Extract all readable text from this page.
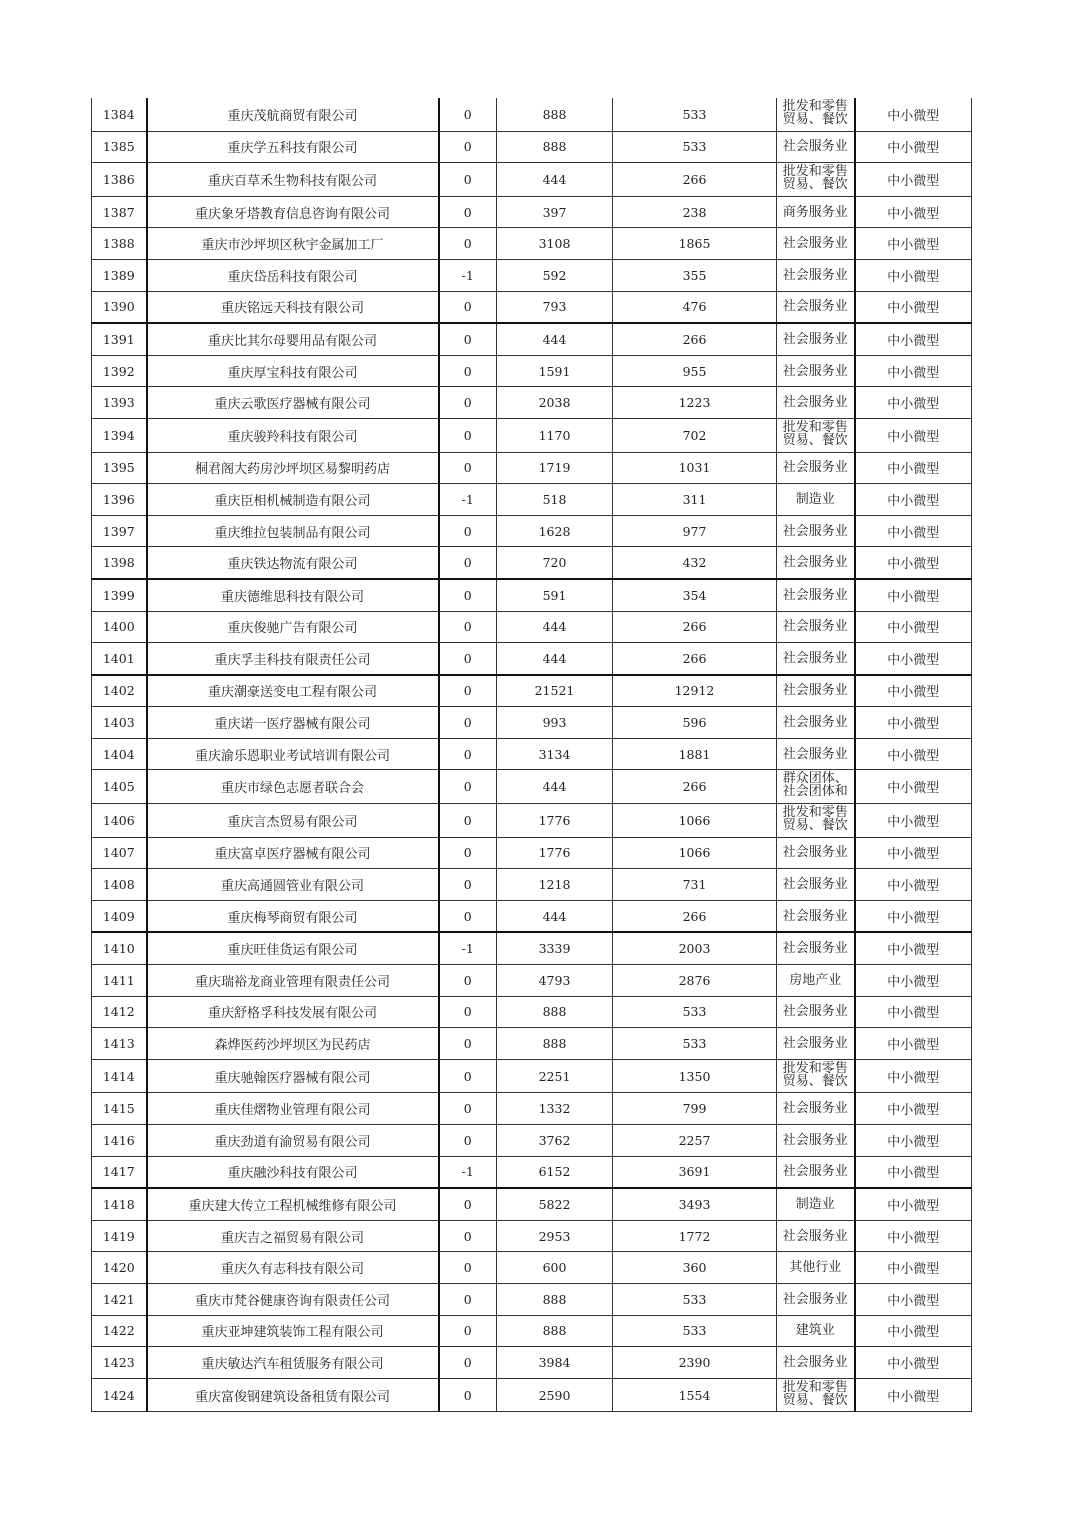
1384	重庆茂航商贸有限公司	0	888	533	批发和零售贸易、餐饮	中小微型
1385	重庆学五科技有限公司	0	888	533	社会服务业	中小微型
1386	重庆百草禾生物科技有限公司	0	444	266	批发和零售贸易、餐饮	中小微型
1387	重庆象牙塔教育信息咨询有限公司	0	397	238	商务服务业	中小微型
1388	重庆市沙坪坝区秋宇金属加工厂	0	3108	1865	社会服务业	中小微型
1389	重庆岱岳科技有限公司	-1	592	355	社会服务业	中小微型
1390	重庆铭远天科技有限公司	0	793	476	社会服务业	中小微型
1391	重庆比其尔母婴用品有限公司	0	444	266	社会服务业	中小微型
1392	重庆厚宝科技有限公司	0	1591	955	社会服务业	中小微型
1393	重庆云歌医疗器械有限公司	0	2038	1223	社会服务业	中小微型
1394	重庆骏羚科技有限公司	0	1170	702	批发和零售贸易、餐饮	中小微型
1395	桐君阁大药房沙坪坝区易黎明药店	0	1719	1031	社会服务业	中小微型
1396	重庆臣相机械制造有限公司	-1	518	311	制造业	中小微型
1397	重庆维拉包装制品有限公司	0	1628	977	社会服务业	中小微型
1398	重庆铁达物流有限公司	0	720	432	社会服务业	中小微型
1399	重庆德维思科技有限公司	0	591	354	社会服务业	中小微型
1400	重庆俊驰广告有限公司	0	444	266	社会服务业	中小微型
1401	重庆孚圭科技有限责任公司	0	444	266	社会服务业	中小微型
1402	重庆潮豪送变电工程有限公司	0	21521	12912	社会服务业	中小微型
1403	重庆诺一医疗器械有限公司	0	993	596	社会服务业	中小微型
1404	重庆渝乐恩职业考试培训有限公司	0	3134	1881	社会服务业	中小微型
1405	重庆市绿色志愿者联合会	0	444	266	群众团体、社会团体和	中小微型
1406	重庆言杰贸易有限公司	0	1776	1066	批发和零售贸易、餐饮	中小微型
1407	重庆富卓医疗器械有限公司	0	1776	1066	社会服务业	中小微型
1408	重庆高通圆管业有限公司	0	1218	731	社会服务业	中小微型
1409	重庆梅琴商贸有限公司	0	444	266	社会服务业	中小微型
1410	重庆旺佳货运有限公司	-1	3339	2003	社会服务业	中小微型
1411	重庆瑞裕龙商业管理有限责任公司	0	4793	2876	房地产业	中小微型
1412	重庆舒格孚科技发展有限公司	0	888	533	社会服务业	中小微型
1413	森烨医药沙坪坝区为民药店	0	888	533	社会服务业	中小微型
1414	重庆驰翰医疗器械有限公司	0	2251	1350	批发和零售贸易、餐饮	中小微型
1415	重庆佳熠物业管理有限公司	0	1332	799	社会服务业	中小微型
1416	重庆劲道有渝贸易有限公司	0	3762	2257	社会服务业	中小微型
1417	重庆融沙科技有限公司	-1	6152	3691	社会服务业	中小微型
1418	重庆建大传立工程机械维修有限公司	0	5822	3493	制造业	中小微型
1419	重庆吉之福贸易有限公司	0	2953	1772	社会服务业	中小微型
1420	重庆久有志科技有限公司	0	600	360	其他行业	中小微型
1421	重庆市梵谷健康咨询有限责任公司	0	888	533	社会服务业	中小微型
1422	重庆亚坤建筑装饰工程有限公司	0	888	533	建筑业	中小微型
1423	重庆敏达汽车租赁服务有限公司	0	3984	2390	社会服务业	中小微型
1424	重庆富俊钢建筑设备租赁有限公司	0	2590	1554	批发和零售贸易、餐饮	中小微型
